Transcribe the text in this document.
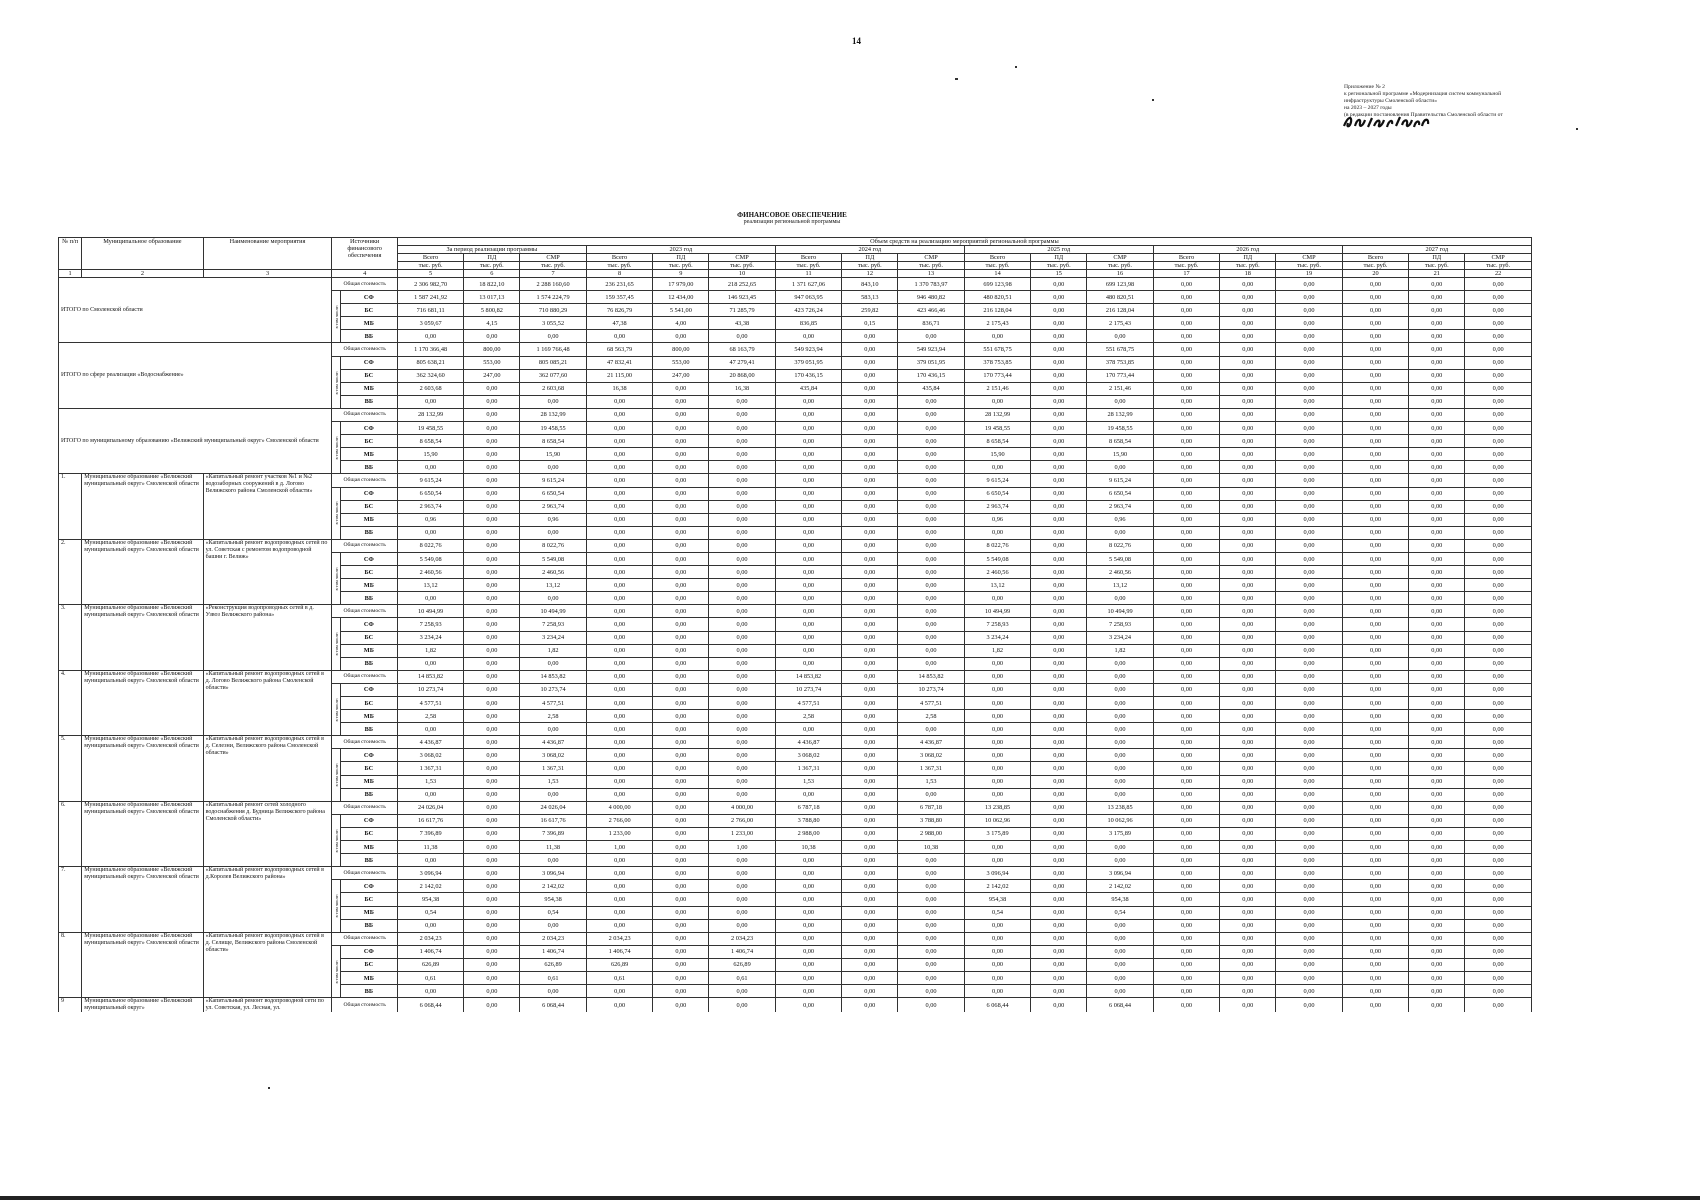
14
Приложение № 2
к региональной программе «Модернизация систем коммунальной
инфраструктуры Смоленской области»
на 2023 – 2027 годы
(в редакции постановления Правительства Смоленской области от
ФИНАНСОВОЕ ОБЕСПЕЧЕНИЕ
реализации региональной программы
№ п/п	Муниципальное образование	Наименование мероприятия	Источники финансового обеспечения		Объем средств на реализацию мероприятий региональной программы																	
					За период реализации программы			2023 год			2024 год			2025 год			2026 год			2027 год		
					Всего	ПД	СМР	Всего	ПД	СМР	Всего	ПД	СМР	Всего	ПД	СМР	Всего	ПД	СМР	Всего	ПД	СМР
					тыс. руб.	тыс. руб.	тыс. руб.	тыс. руб.	тыс. руб.	тыс. руб.	тыс. руб.	тыс. руб.	тыс. руб.	тыс. руб.	тыс. руб.	тыс. руб.	тыс. руб.	тыс. руб.	тыс. руб.	тыс. руб.	тыс. руб.	тыс. руб.
1	2	3	4		5	6	7	8	9	10	11	12	13	14	15	16	17	18	19	20	21	22
ИТОГО по Смоленской области			Общая стоимость		2 306 982,70	18 822,10	2 288 160,60	236 231,65	17 979,00	218 252,65	1 371 627,06	843,10	1 370 783,97	699 123,98	0,00	699 123,98	0,00	0,00	0,00	0,00	0,00	0,00

			в том числе:	СФ	1 587 241,92	13 017,13	1 574 224,79	159 357,45	12 434,00	146 923,45	947 063,95	583,13	946 480,82	480 820,51	0,00	480 820,51	0,00	0,00	0,00	0,00	0,00	0,00
				БС	716 681,11	5 800,82	710 880,29	76 826,79	5 541,00	71 285,79	423 726,24	259,82	423 466,46	216 128,04	0,00	216 128,04	0,00	0,00	0,00	0,00	0,00	0,00
				МБ	3 059,67	4,15	3 055,52	47,38	4,00	43,38	836,85	0,15	836,71	2 175,43	0,00	2 175,43	0,00	0,00	0,00	0,00	0,00	0,00
				ВБ	0,00	0,00	0,00	0,00	0,00	0,00	0,00	0,00	0,00	0,00	0,00	0,00	0,00	0,00	0,00	0,00	0,00	0,00
ИТОГО по сфере реализации «Водоснабжение»			Общая стоимость		1 170 366,48	800,00	1 169 766,48	68 563,79	800,00	68 163,79	549 923,94	0,00	549 923,94	551 678,75	0,00	551 678,75	0,00	0,00	0,00	0,00	0,00	0,00

			в том числе:	СФ	805 638,21	553,00	805 085,21	47 832,41	553,00	47 279,41	379 051,95	0,00	379 051,95	378 753,85	0,00	378 753,85	0,00	0,00	0,00	0,00	0,00	0,00
				БС	362 324,60	247,00	362 077,60	21 115,00	247,00	20 868,00	170 436,15	0,00	170 436,15	170 773,44	0,00	170 773,44	0,00	0,00	0,00	0,00	0,00	0,00
				МБ	2 603,68	0,00	2 603,68	16,38	0,00	16,38	435,84	0,00	435,84	2 151,46	0,00	2 151,46	0,00	0,00	0,00	0,00	0,00	0,00
				ВБ	0,00	0,00	0,00	0,00	0,00	0,00	0,00	0,00	0,00	0,00	0,00	0,00	0,00	0,00	0,00	0,00	0,00	0,00
ИТОГО по муниципальному образованию «Велижский муниципальный округ» Смоленской области			Общая стоимость		28 132,99	0,00	28 132,99	0,00	0,00	0,00	0,00	0,00	0,00	28 132,99	0,00	28 132,99	0,00	0,00	0,00	0,00	0,00	0,00

			в том числе:	СФ	19 458,55	0,00	19 458,55	0,00	0,00	0,00	0,00	0,00	0,00	19 458,55	0,00	19 458,55	0,00	0,00	0,00	0,00	0,00	0,00
				БС	8 658,54	0,00	8 658,54	0,00	0,00	0,00	0,00	0,00	0,00	8 658,54	0,00	8 658,54	0,00	0,00	0,00	0,00	0,00	0,00
				МБ	15,90	0,00	15,90	0,00	0,00	0,00	0,00	0,00	0,00	15,90	0,00	15,90	0,00	0,00	0,00	0,00	0,00	0,00
				ВБ	0,00	0,00	0,00	0,00	0,00	0,00	0,00	0,00	0,00	0,00	0,00	0,00	0,00	0,00	0,00	0,00	0,00	0,00
1.	Муниципальное образование «Велижский муниципальный округ» Смоленской области	«Капитальный ремонт участков №1 и №2 водозаборных сооружений в д. Логово Велижского района Смоленской области»	Общая стоимость		9 615,24	0,00	9 615,24	0,00	0,00	0,00	0,00	0,00	0,00	9 615,24	0,00	9 615,24	0,00	0,00	0,00	0,00	0,00	0,00

			в том числе:	СФ	6 650,54	0,00	6 650,54	0,00	0,00	0,00	0,00	0,00	0,00	6 650,54	0,00	6 650,54	0,00	0,00	0,00	0,00	0,00	0,00
				БС	2 963,74	0,00	2 963,74	0,00	0,00	0,00	0,00	0,00	0,00	2 963,74	0,00	2 963,74	0,00	0,00	0,00	0,00	0,00	0,00
				МБ	0,96	0,00	0,96	0,00	0,00	0,00	0,00	0,00	0,00	0,96	0,00	0,96	0,00	0,00	0,00	0,00	0,00	0,00
				ВБ	0,00	0,00	0,00	0,00	0,00	0,00	0,00	0,00	0,00	0,00	0,00	0,00	0,00	0,00	0,00	0,00	0,00	0,00
2.	Муниципальное образование «Велижский муниципальный округ» Смоленской области	«Капитальный ремонт водопроводных сетей по ул. Советская с ремонтом водопроводной башни г. Велиж»	Общая стоимость		8 022,76	0,00	8 022,76	0,00	0,00	0,00	0,00	0,00	0,00	8 022,76	0,00	8 022,76	0,00	0,00	0,00	0,00	0,00	0,00

			в том числе:	СФ	5 549,08	0,00	5 549,08	0,00	0,00	0,00	0,00	0,00	0,00	5 549,08	0,00	5 549,08	0,00	0,00	0,00	0,00	0,00	0,00
				БС	2 460,56	0,00	2 460,56	0,00	0,00	0,00	0,00	0,00	0,00	2 460,56	0,00	2 460,56	0,00	0,00	0,00	0,00	0,00	0,00
				МБ	13,12	0,00	13,12	0,00	0,00	0,00	0,00	0,00	0,00	13,12	0,00	13,12	0,00	0,00	0,00	0,00	0,00	0,00
				ВБ	0,00	0,00	0,00	0,00	0,00	0,00	0,00	0,00	0,00	0,00	0,00	0,00	0,00	0,00	0,00	0,00	0,00	0,00
3.	Муниципальное образование «Велижский муниципальный округ» Смоленской области	«Реконструкция водопроводных сетей в д. Узвоз Велижского района»	Общая стоимость		10 494,99	0,00	10 494,99	0,00	0,00	0,00	0,00	0,00	0,00	10 494,99	0,00	10 494,99	0,00	0,00	0,00	0,00	0,00	0,00

			в том числе:	СФ	7 258,93	0,00	7 258,93	0,00	0,00	0,00	0,00	0,00	0,00	7 258,93	0,00	7 258,93	0,00	0,00	0,00	0,00	0,00	0,00
				БС	3 234,24	0,00	3 234,24	0,00	0,00	0,00	0,00	0,00	0,00	3 234,24	0,00	3 234,24	0,00	0,00	0,00	0,00	0,00	0,00
				МБ	1,82	0,00	1,82	0,00	0,00	0,00	0,00	0,00	0,00	1,82	0,00	1,82	0,00	0,00	0,00	0,00	0,00	0,00
				ВБ	0,00	0,00	0,00	0,00	0,00	0,00	0,00	0,00	0,00	0,00	0,00	0,00	0,00	0,00	0,00	0,00	0,00	0,00
4.	Муниципальное образование «Велижский муниципальный округ» Смоленской области	«Капитальный ремонт водопроводных сетей в д. Логово Велижского района Смоленской области»	Общая стоимость		14 853,82	0,00	14 853,82	0,00	0,00	0,00	14 853,82	0,00	14 853,82	0,00	0,00	0,00	0,00	0,00	0,00	0,00	0,00	0,00

			в том числе:	СФ	10 273,74	0,00	10 273,74	0,00	0,00	0,00	10 273,74	0,00	10 273,74	0,00	0,00	0,00	0,00	0,00	0,00	0,00	0,00	0,00
				БС	4 577,51	0,00	4 577,51	0,00	0,00	0,00	4 577,51	0,00	4 577,51	0,00	0,00	0,00	0,00	0,00	0,00	0,00	0,00	0,00
				МБ	2,58	0,00	2,58	0,00	0,00	0,00	2,58	0,00	2,58	0,00	0,00	0,00	0,00	0,00	0,00	0,00	0,00	0,00
				ВБ	0,00	0,00	0,00	0,00	0,00	0,00	0,00	0,00	0,00	0,00	0,00	0,00	0,00	0,00	0,00	0,00	0,00	0,00
5.	Муниципальное образование «Велижский муниципальный округ» Смоленской области	«Капитальный ремонт водопроводных сетей в д. Селезни, Велижского района Смоленской области»	Общая стоимость		4 436,87	0,00	4 436,87	0,00	0,00	0,00	4 436,87	0,00	4 436,87	0,00	0,00	0,00	0,00	0,00	0,00	0,00	0,00	0,00

			в том числе:	СФ	3 068,02	0,00	3 068,02	0,00	0,00	0,00	3 068,02	0,00	3 068,02	0,00	0,00	0,00	0,00	0,00	0,00	0,00	0,00	0,00
				БС	1 367,31	0,00	1 367,31	0,00	0,00	0,00	1 367,31	0,00	1 367,31	0,00	0,00	0,00	0,00	0,00	0,00	0,00	0,00	0,00
				МБ	1,53	0,00	1,53	0,00	0,00	0,00	1,53	0,00	1,53	0,00	0,00	0,00	0,00	0,00	0,00	0,00	0,00	0,00
				ВБ	0,00	0,00	0,00	0,00	0,00	0,00	0,00	0,00	0,00	0,00	0,00	0,00	0,00	0,00	0,00	0,00	0,00	0,00
6.	Муниципальное образование «Велижский муниципальный округ» Смоленской области	«Капитальный ремонт сетей холодного водоснабжения д. Будница Велижского района Смоленской области»	Общая стоимость		24 026,04	0,00	24 026,04	4 000,00	0,00	4 000,00	6 787,18	0,00	6 787,18	13 238,85	0,00	13 238,85	0,00	0,00	0,00	0,00	0,00	0,00

			в том числе:	СФ	16 617,76	0,00	16 617,76	2 766,00	0,00	2 766,00	3 788,80	0,00	3 788,80	10 062,96	0,00	10 062,96	0,00	0,00	0,00	0,00	0,00	0,00
				БС	7 396,89	0,00	7 396,89	1 233,00	0,00	1 233,00	2 988,00	0,00	2 988,00	3 175,89	0,00	3 175,89	0,00	0,00	0,00	0,00	0,00	0,00
				МБ	11,38	0,00	11,38	1,00	0,00	1,00	10,38	0,00	10,38	0,00	0,00	0,00	0,00	0,00	0,00	0,00	0,00	0,00
				ВБ	0,00	0,00	0,00	0,00	0,00	0,00	0,00	0,00	0,00	0,00	0,00	0,00	0,00	0,00	0,00	0,00	0,00	0,00
7.	Муниципальное образование «Велижский муниципальный округ» Смоленской области	«Капитальный ремонт водопроводных сетей в д.Королев Велижского района»	Общая стоимость		3 096,94	0,00	3 096,94	0,00	0,00	0,00	0,00	0,00	0,00	3 096,94	0,00	3 096,94	0,00	0,00	0,00	0,00	0,00	0,00

			в том числе:	СФ	2 142,02	0,00	2 142,02	0,00	0,00	0,00	0,00	0,00	0,00	2 142,02	0,00	2 142,02	0,00	0,00	0,00	0,00	0,00	0,00
				БС	954,38	0,00	954,38	0,00	0,00	0,00	0,00	0,00	0,00	954,38	0,00	954,38	0,00	0,00	0,00	0,00	0,00	0,00
				МБ	0,54	0,00	0,54	0,00	0,00	0,00	0,00	0,00	0,00	0,54	0,00	0,54	0,00	0,00	0,00	0,00	0,00	0,00
				ВБ	0,00	0,00	0,00	0,00	0,00	0,00	0,00	0,00	0,00	0,00	0,00	0,00	0,00	0,00	0,00	0,00	0,00	0,00
8.	Муниципальное образование «Велижский муниципальный округ» Смоленской области	«Капитальный ремонт водопроводных сетей в д. Селище, Велижского района Смоленской области»	Общая стоимость		2 034,23	0,00	2 034,23	2 034,23	0,00	2 034,23	0,00	0,00	0,00	0,00	0,00	0,00	0,00	0,00	0,00	0,00	0,00	0,00

			в том числе:	СФ	1 406,74	0,00	1 406,74	1 406,74	0,00	1 406,74	0,00	0,00	0,00	0,00	0,00	0,00	0,00	0,00	0,00	0,00	0,00	0,00
				БС	626,89	0,00	626,89	626,89	0,00	626,89	0,00	0,00	0,00	0,00	0,00	0,00	0,00	0,00	0,00	0,00	0,00	0,00
				МБ	0,61	0,00	0,61	0,61	0,00	0,61	0,00	0,00	0,00	0,00	0,00	0,00	0,00	0,00	0,00	0,00	0,00	0,00
				ВБ	0,00	0,00	0,00	0,00	0,00	0,00	0,00	0,00	0,00	0,00	0,00	0,00	0,00	0,00	0,00	0,00	0,00	0,00
9	Муниципальное образование «Велижский муниципальный округ»	«Капитальный ремонт водопроводной сети по ул. Советская, ул. Лесная, ул.	Общая стоимость		6 068,44	0,00	6 068,44	0,00	0,00	0,00	0,00	0,00	0,00	6 068,44	0,00	6 068,44	0,00	0,00	0,00	0,00	0,00	0,00
